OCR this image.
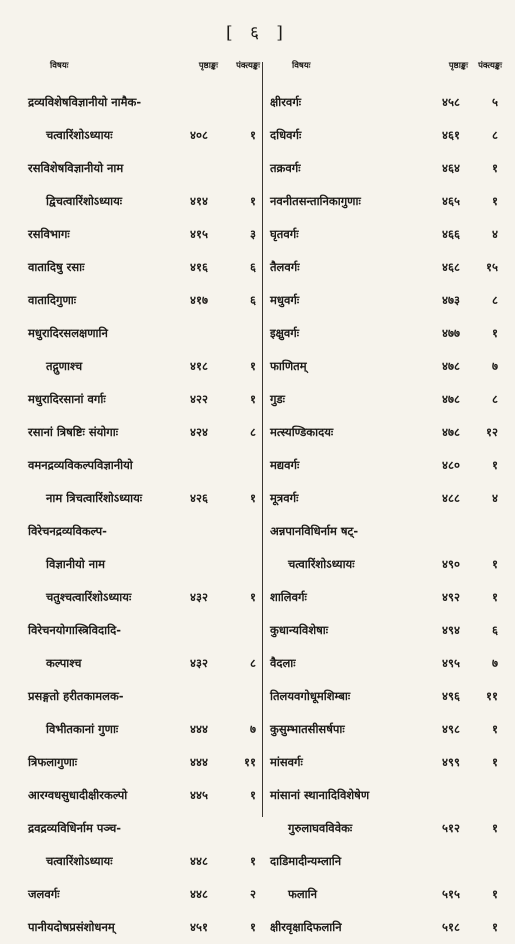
[ ६ ]
विषयः	पृष्ठाङ्कः पंक्त्यङ्कः
द्रव्यविशेषविज्ञानीयो नामैक-
चत्वारिंशोऽध्यायः	४०८	१
रसविशेषविज्ञानीयो नाम
द्विचत्वारिंशोऽध्यायः	४१४	१
रसविभागः	४१५	३
वातादिषु रसाः	४१६	६
वातादिगुणाः	४१७	६
मधुरादिरसलक्षणानि
तद्गुणाश्च	४१८	१
मधुरादिरसानां वर्गाः	४२२	१
रसानां त्रिषष्टिः संयोगाः	४२४	८
वमनद्रव्यविकल्पविज्ञानीयो
नाम त्रिचत्वारिंशोऽध्यायः	४२६	१
विरेचनद्रव्यविकल्प-
विज्ञानीयो नाम
चतुश्चत्वारिंशोऽध्यायः	४३२	१
विरेचनयोगास्त्रिविदादि-
कल्पाश्च	४३२	८
प्रसङ्गतो हरीतकामलक-
विभीतकानां गुणाः	४४४	७
त्रिफलागुणाः	४४४	११
आरग्वधसुधादीक्षीरकल्पो	४४५	१
द्रवद्रव्यविधिर्नाम पञ्च-
चत्वारिंशोऽध्यायः	४४८	१
जलवर्गः	४४८	२
पानीयदोषप्रसंशोधनम्	४५१	१
विषयः	पृष्ठाङ्कः पंक्त्यङ्कः
क्षीरवर्गः	४५८	५
दधिवर्गः	४६१	८
तक्रवर्गः	४६४	१
नवनीतसन्तानिकागुणाः	४६५	१
घृतवर्गः	४६६	४
तैलवर्गः	४६८ १५
मधुवर्गः	४७३	८
इक्षुवर्गः	४७७	१
फाणितम्	४७८	७
गुडः	४७८	८
मत्स्यण्डिकादयः	४७८ १२
मद्यवर्गः	४८०	१
मूत्रवर्गः	४८८	४
अन्नपानविधिर्नाम षट्-
चत्वारिंशोऽध्यायः	४९०	१
शालिवर्गः	४९२	१
कुधान्यविशेषाः	४९४	६
वैदलाः	४९५	७
तिलयवगोधूमशिम्बाः	४९६ ११
कुसुम्भातसीसर्षपाः	४९८	१
मांसवर्गः	४९९	१
मांसानां स्थानादिविशेषेण
गुरुलाघवविवेकः	५१२	१
दाडिमादीन्यम्लानि
फलानि	५१५	१
क्षीरवृक्षादिफलानि	५१८	१
